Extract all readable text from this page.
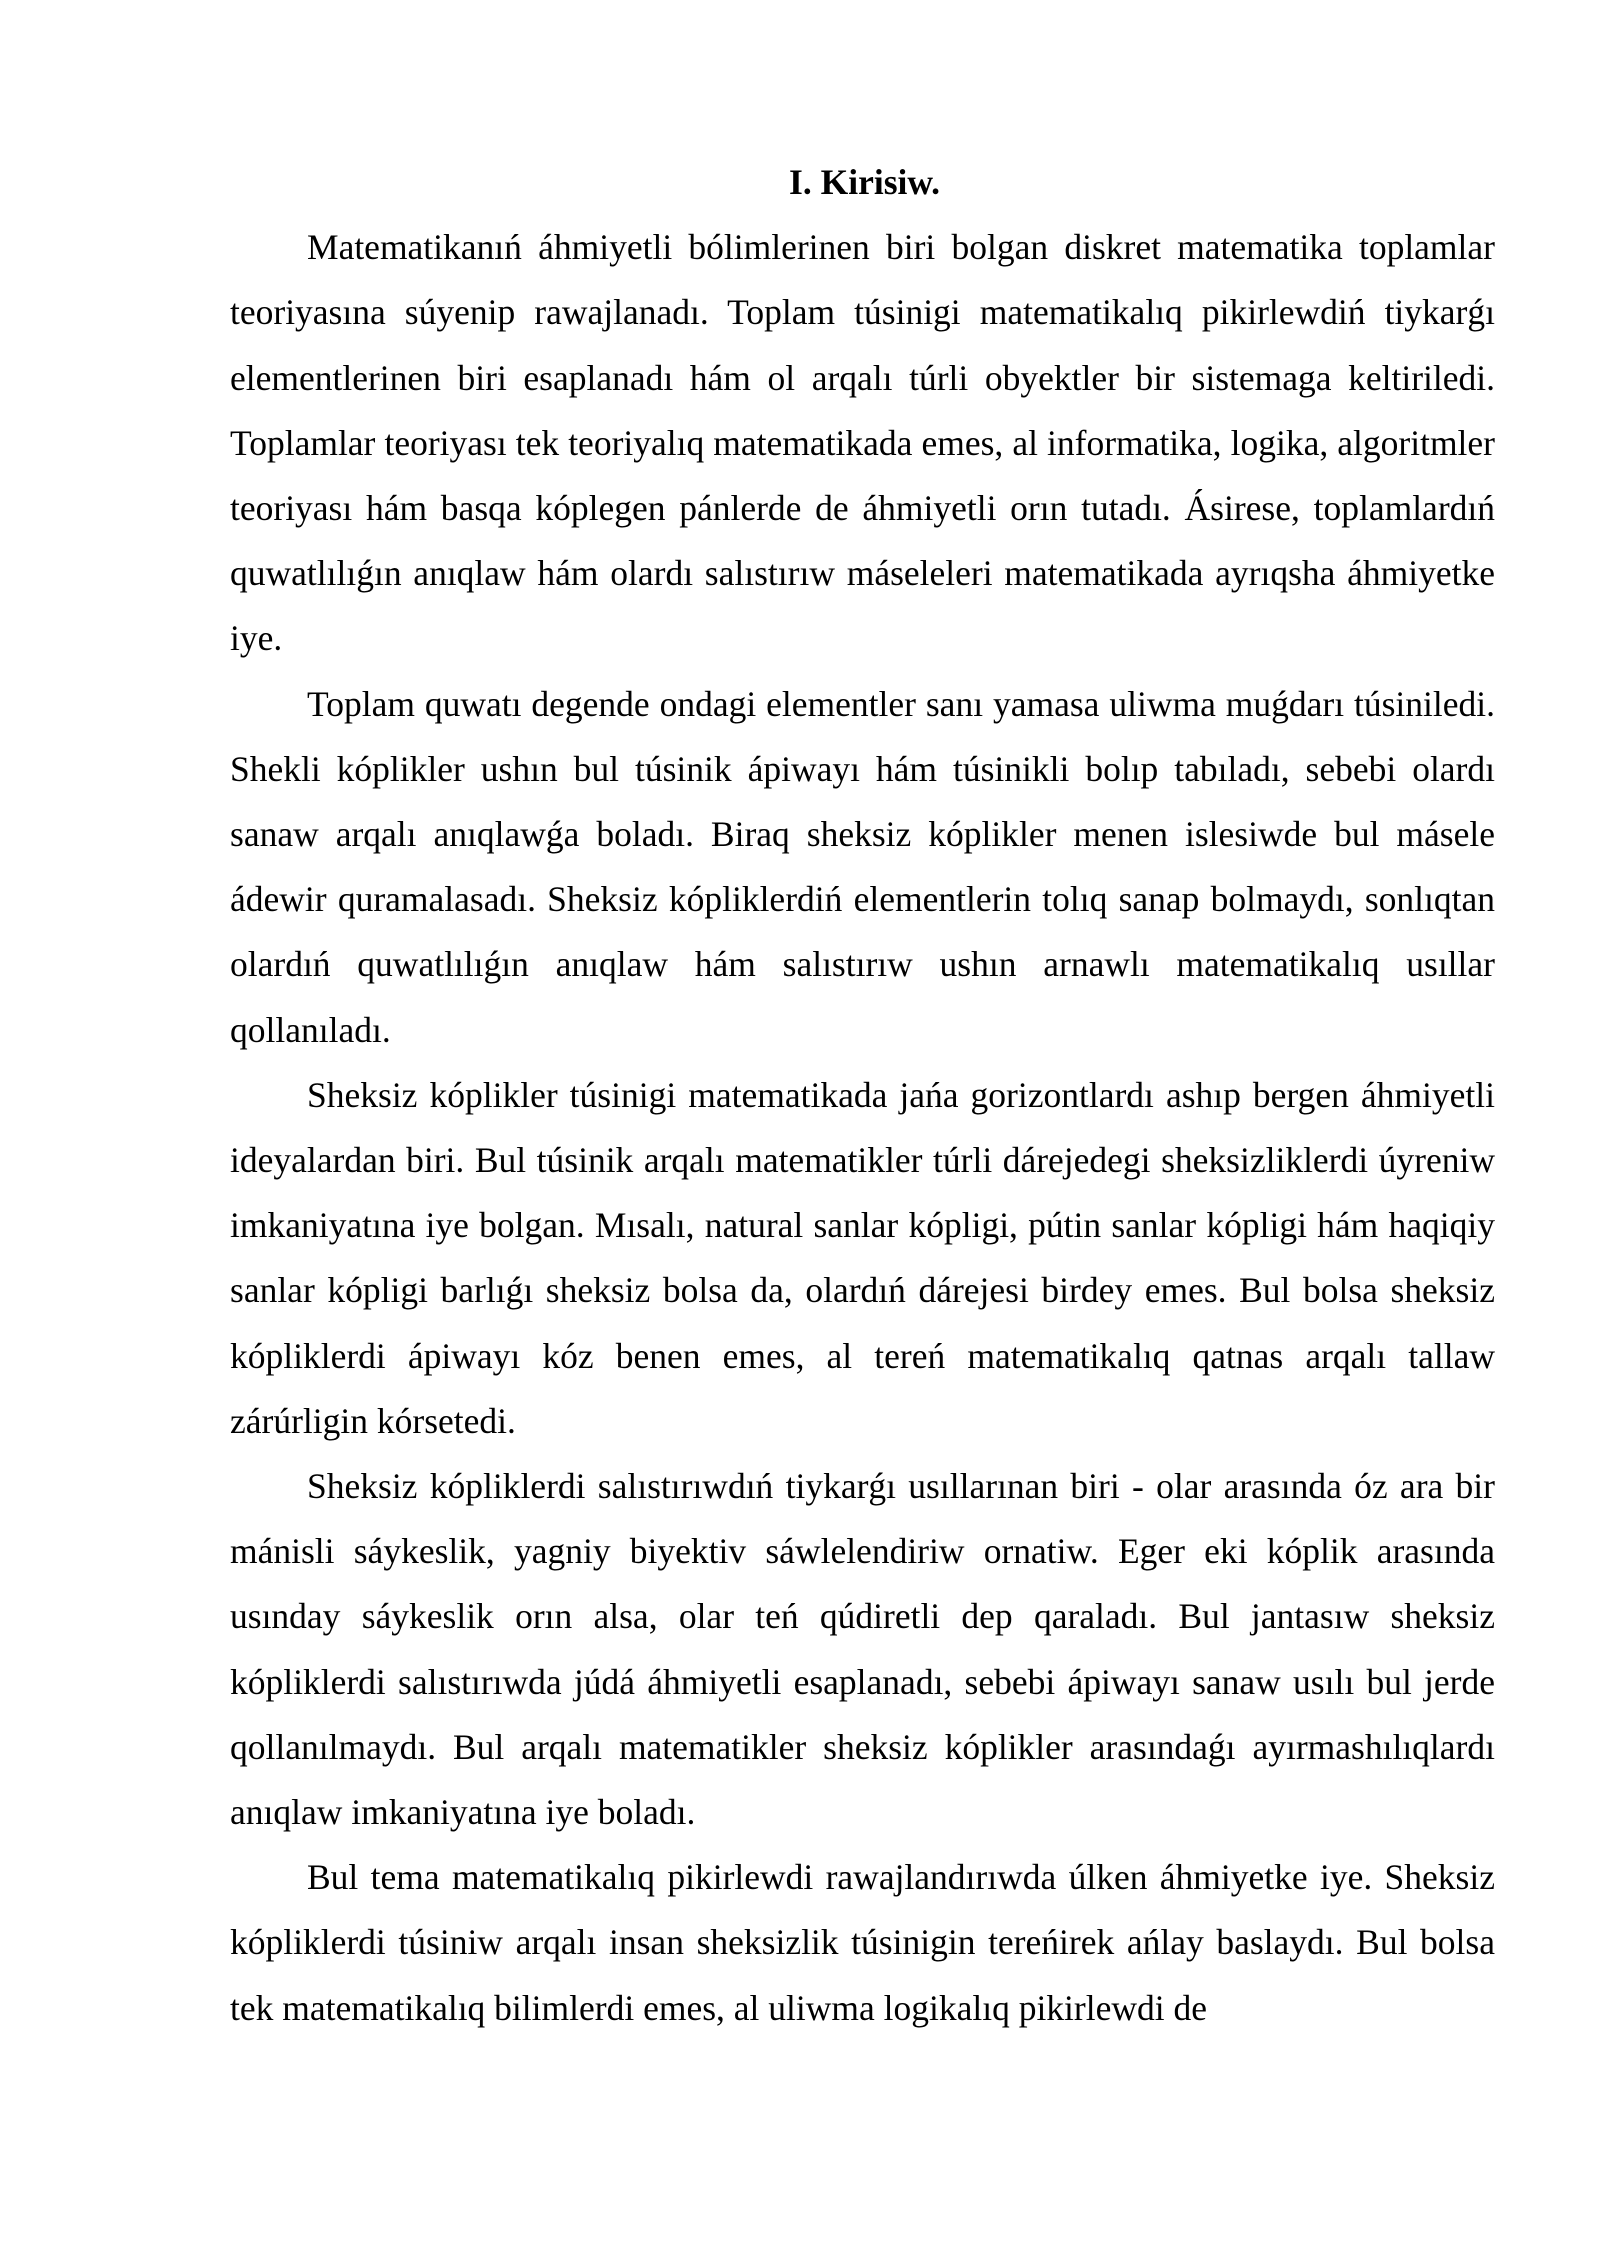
I. Kirisiw.

Matematikanıń áhmiyetli bólimlerinen biri bolgan diskret matematika toplamlar teoriyasına súyenip rawajlanadı. Toplam túsinigi matematikalıq pikirlewdiń tiykarǵı elementlerinen biri esaplanadı hám ol arqalı túrli obyektler bir sistemaga keltiriledi. Toplamlar teoriyası tek teoriyalıq matematikada emes, al informatika, logika, algoritmler teoriyası hám basqa kóplegen pánlerde de áhmiyetli orın tutadı. Ásirese, toplamlardıń quwatlılıǵın anıqlaw hám olardı salıstırıw máseleleri matematikada ayrıqsha áhmiyetke iye.

Toplam quwatı degende ondagi elementler sanı yamasa uliwma muǵdarı túsiniledi. Shekli kóplikler ushın bul túsinik ápiwayı hám túsinikli bolıp tabıladı, sebebi olardı sanaw arqalı anıqlawǵa boladı. Biraq sheksiz kóplikler menen islesiwde bul másele ádewir quramalasadı. Sheksiz kópliklerdiń elementlerin tolıq sanap bolmaydı, sonlıqtan olardıń quwatlılıǵın anıqlaw hám salıstırıw ushın arnawlı matematikalıq usıllar qollanıladı.

Sheksiz kóplikler túsinigi matematikada jańa gorizontlardı ashıp bergen áhmiyetli ideyalardan biri. Bul túsinik arqalı matematikler túrli dárejedegi sheksizliklerdi úyreniw imkaniyatına iye bolgan. Mısalı, natural sanlar kópligi, pútin sanlar kópligi hám haqiqiy sanlar kópligi barlıǵı sheksiz bolsa da, olardıń dárejesi birdey emes. Bul bolsa sheksiz kópliklerdi ápiwayı kóz benen emes, al tereń matematikalıq qatnas arqalı tallaw zárúrligin kórsetedi.

Sheksiz kópliklerdi salıstırıwdıń tiykarǵı usıllarınan biri - olar arasında óz ara bir mánisli sáykeslik, yagniy biyektiv sáwlelendiriw ornatiw. Eger eki kóplik arasında usınday sáykeslik orın alsa, olar teń qúdiretli dep qaraladı. Bul jantasıw sheksiz kópliklerdi salıstırıwda júdá áhmiyetli esaplanadı, sebebi ápiwayı sanaw usılı bul jerde qollanılmaydı. Bul arqalı matematikler sheksiz kóplikler arasındaǵı ayırmashılıqlardı anıqlaw imkaniyatına iye boladı.

Bul tema matematikalıq pikirlewdi rawajlandırıwda úlken áhmiyetke iye. Sheksiz kópliklerdi túsiniw arqalı insan sheksizlik túsinigin tereńirek ańlay baslaydı. Bul bolsa tek matematikalıq bilimlerdi emes, al uliwma logikalıq pikirlewdi de
